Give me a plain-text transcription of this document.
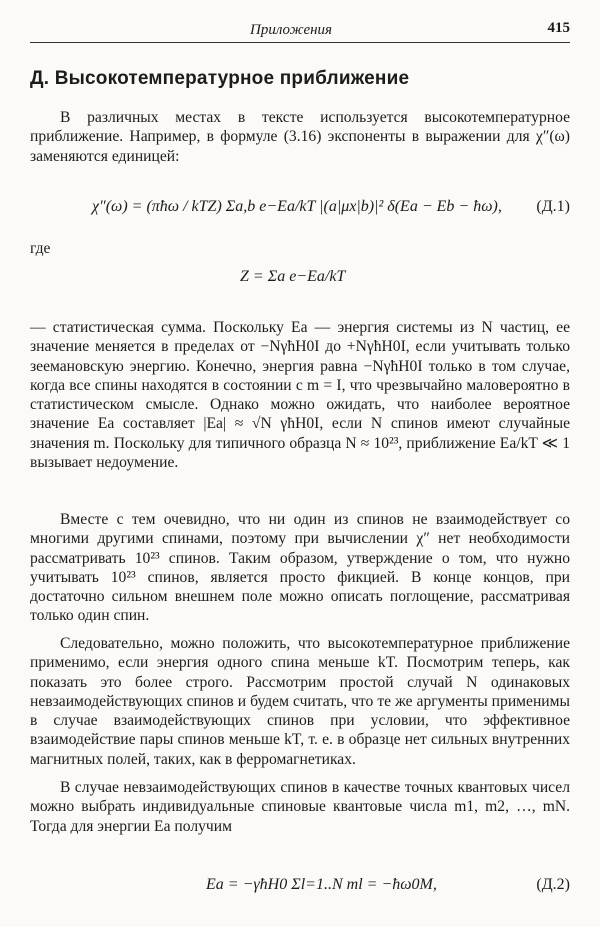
Приложения	415
Д. Высокотемпературное приближение

В различных местах в тексте используется высокотемпературное приближение. Например, в формуле (3.16) экспоненты в выражении для χ″(ω) заменяются единицей:

χ″(ω) = (πħω / kTZ) Σa,b e−Ea/kT |(a|μx|b)|² δ(Ea − Eb − ħω), (Д.1)
где
Z = Σa e−Ea/kT

— статистическая сумма. Поскольку Ea — энергия системы из N частиц, ее значение меняется в пределах от −NγħH0I до +NγħH0I, если учитывать только зеемановскую энергию. Конечно, энергия равна −NγħH0I только в том случае, когда все спины находятся в состоянии с m = I, что чрезвычайно маловероятно в статистическом смысле. Однако можно ожидать, что наиболее вероятное значение Ea составляет |Ea| ≈ √N γħH0I, если N спинов имеют случайные значения m. Поскольку для типичного образца N ≈ 10²³, приближение Ea/kT ≪ 1 вызывает недоумение.

Вместе с тем очевидно, что ни один из спинов не взаимодействует со многими другими спинами, поэтому при вычислении χ″ нет необходимости рассматривать 10²³ спинов. Таким образом, утверждение о том, что нужно учитывать 10²³ спинов, является просто фикцией. В конце концов, при достаточно сильном внешнем поле можно описать поглощение, рассматривая только один спин.

Следовательно, можно положить, что высокотемпературное приближение применимо, если энергия одного спина меньше kT. Посмотрим теперь, как показать это более строго. Рассмотрим простой случай N одинаковых невзаимодействующих спинов и будем считать, что те же аргументы применимы в случае взаимодействующих спинов при условии, что эффективное взаимодействие пары спинов меньше kT, т. е. в образце нет сильных внутренних магнитных полей, таких, как в ферромагнетиках.

В случае невзаимодействующих спинов в качестве точных квантовых чисел можно выбрать индивидуальные спиновые квантовые числа m1, m2, …, mN. Тогда для энергии Ea получим

Ea = −γħH0 Σl=1..N ml = −ħω0M,	(Д.2)
